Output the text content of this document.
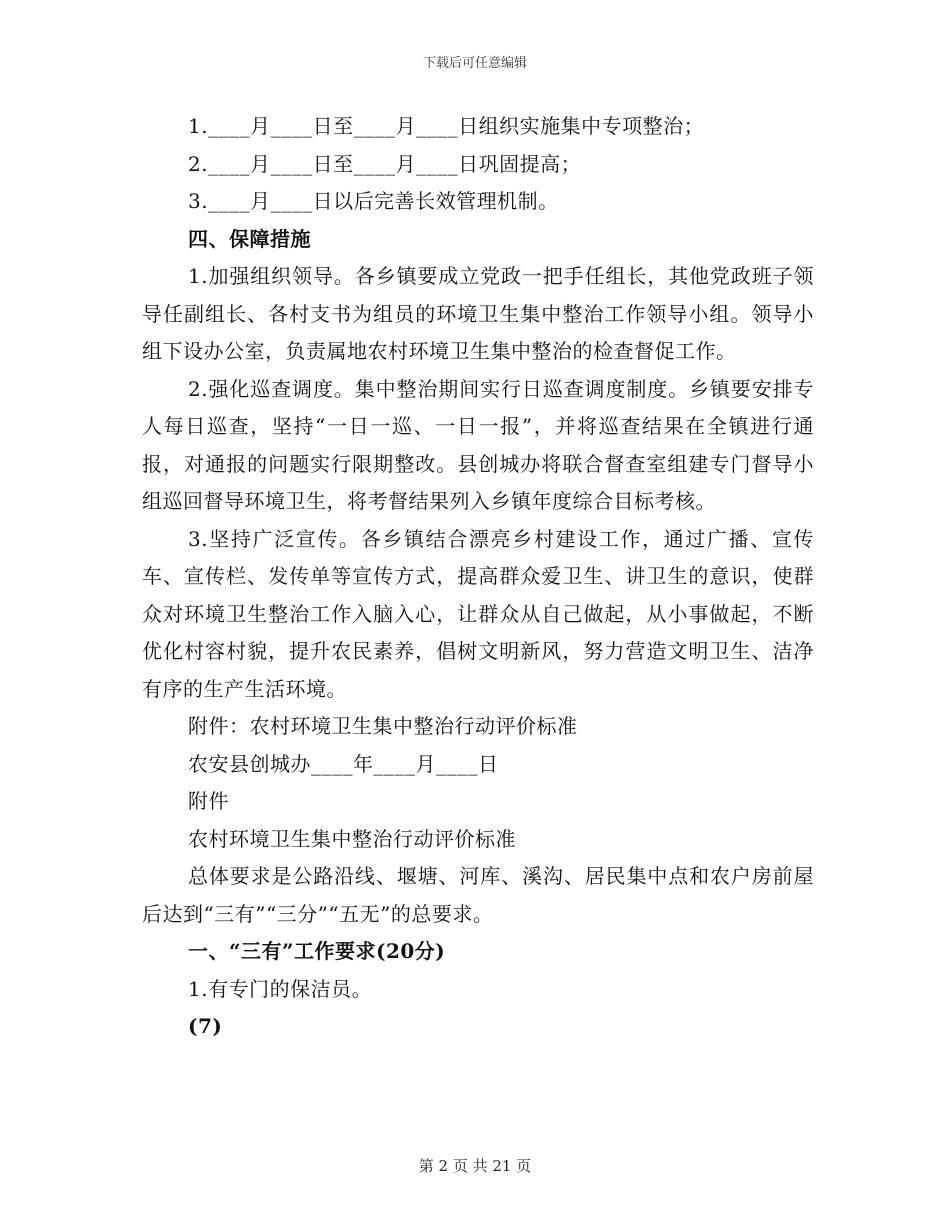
下载后可任意编辑

1.____月____日至____月____日组织实施集中专项整治；

2.____月____日至____月____日巩固提高；

3.____月____日以后完善长效管理机制。

四、保障措施

1.加强组织领导。各乡镇要成立党政一把手任组长，其他党政班子领导任副组长、各村支书为组员的环境卫生集中整治工作领导小组。领导小组下设办公室，负责属地农村环境卫生集中整治的检查督促工作。

2.强化巡查调度。集中整治期间实行日巡查调度制度。乡镇要安排专人每日巡查，坚持“一日一巡、一日一报”，并将巡查结果在全镇进行通报，对通报的问题实行限期整改。县创城办将联合督查室组建专门督导小组巡回督导环境卫生，将考督结果列入乡镇年度综合目标考核。

3.坚持广泛宣传。各乡镇结合漂亮乡村建设工作，通过广播、宣传车、宣传栏、发传单等宣传方式，提高群众爱卫生、讲卫生的意识，使群众对环境卫生整治工作入脑入心，让群众从自己做起，从小事做起，不断优化村容村貌，提升农民素养，倡树文明新风，努力营造文明卫生、洁净有序的生产生活环境。

附件：农村环境卫生集中整治行动评价标准

农安县创城办____年____月____日

附件

农村环境卫生集中整治行动评价标准

总体要求是公路沿线、堰塘、河库、溪沟、居民集中点和农户房前屋后达到“三有”“三分”“五无”的总要求。

一、“三有”工作要求(20分)

1.有专门的保洁员。

(7)

第 2 页 共 21 页
